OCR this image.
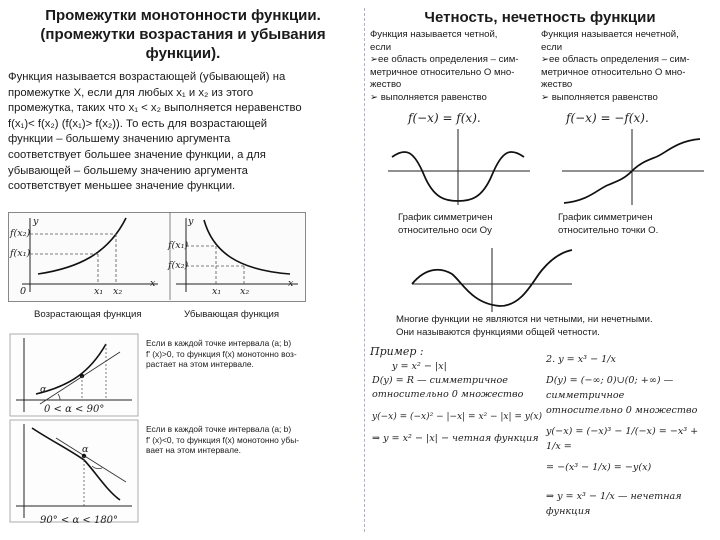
Промежутки монотонности функции. (промежутки возрастания и убывания функции).
Функция называется возрастающей (убывающей) на
промежутке X, если для любых x₁ и x₂ из этого
промежутка, таких что x₁ < x₂ выполняется неравенство
f(x₁)< f(x₂) (f(x₁)> f(x₂)). То есть для возрастающей
функции – большему значению аргумента
соответствует большее значение функции, а для
убывающей – большему значению аргумента
соответствует меньшее значение функции.
y
f(x₂)
f(x₁)
0	x₁ x₂
x
y
f(x₁)
f(x₂)
x₁ x₂
x
Возрастающая функция	Убывающая функция
α
0 < α < 90°
Если в каждой точке интервала (a; b)
f' (x)>0, то функция f(x) монотонно воз-
растает на этом интервале.
α
90° < α < 180°
Если в каждой точке интервала (a; b)
f' (x)<0, то функция f(x) монотонно убы-
вает на этом интервале.
Четность, нечетность функции
Функция называется четной,
если
➢ее область определения – сим-
метричное относительно О мно-
жество
➢ выполняется равенство
Функция называется нечетной,
если
➢ее область определения – сим-
метричное относительно О мно-
жество
➢ выполняется равенство
f(−x) = f(x).	f(−x) = −f(x).
График симметричен
относительно оси Oy
График симметричен
относительно точки О.
Многие функции не являются ни четными, ни нечетными.
Они называются функциями общей четности.
Пример :
y = x² − |x|
D(y) = R — симметричное
относительно 0 множество
y(−x) = (−x)² − |−x| = x² − |x| = y(x)
⇒ y = x² − |x| − четная функция
2. y = x³ − 1/x
D(y) = (−∞; 0)∪(0; +∞) —
симметричное
относительно 0 множество
y(−x) = (−x)³ − 1/(−x) = −x³ + 1/x =
= −(x³ − 1/x) = −y(x)
⇒ y = x³ − 1/x — нечетная функция
